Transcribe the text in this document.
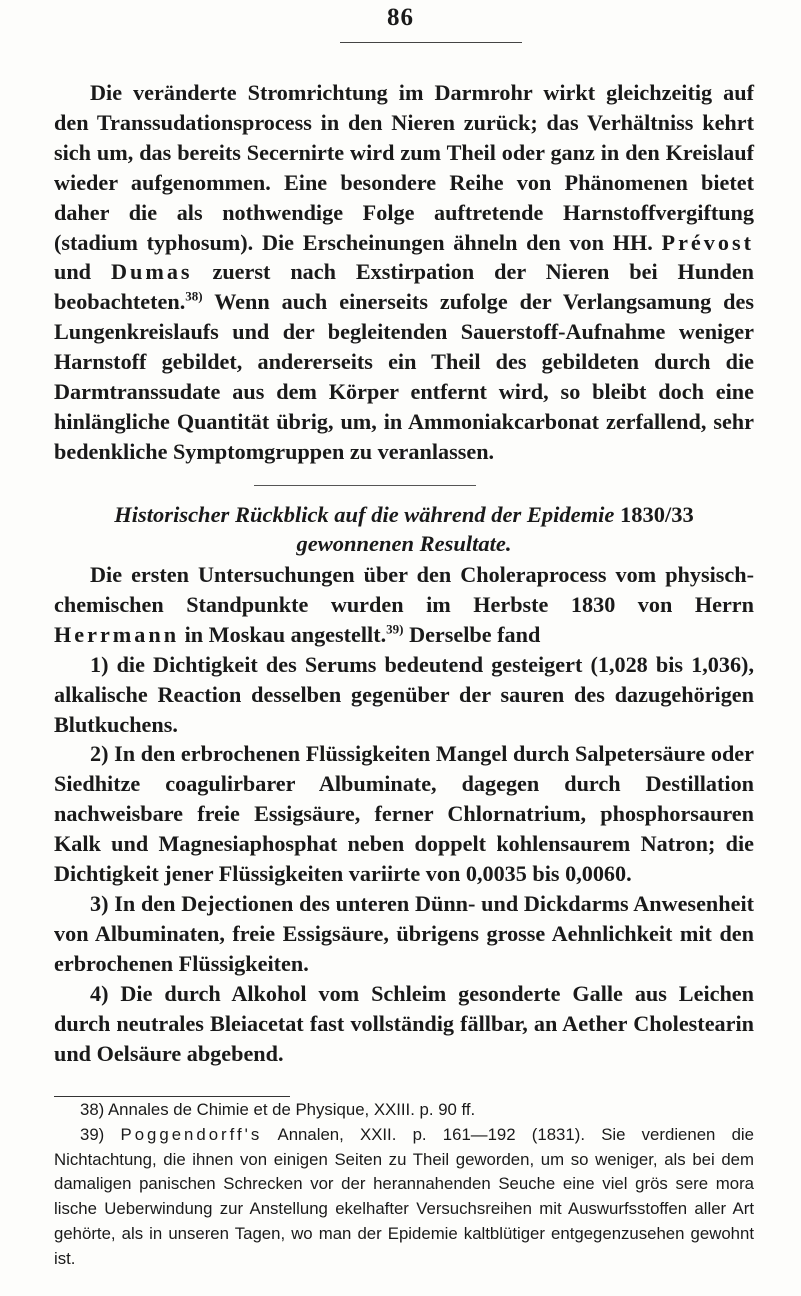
86

Die veränderte Stromrichtung im Darmrohr wirkt gleichzeitig auf den Transsudationsprocess in den Nieren zurück; das Verhältniss kehrt sich um, das bereits Secernirte wird zum Theil oder ganz in den Kreislauf wieder aufgenommen. Eine besondere Reihe von Phänomenen bietet daher die als nothwendige Folge auftretende Harnstoffvergiftung (stadium typhosum). Die Erscheinungen ähneln den von HH. Prévost und Dumas zuerst nach Exstirpation der Nieren bei Hunden beobachteten.$^{38)}$ Wenn auch einerseits zufolge der Verlangsamung des Lungenkreislaufs und der begleitenden Sauerstoff-Aufnahme weniger Harnstoff gebildet, andererseits ein Theil des gebildeten durch die Darmtranssudate aus dem Körper entfernt wird, so bleibt doch eine hinlängliche Quantität übrig, um, in Ammoniakcarbonat zerfallend, sehr bedenkliche Symptomgruppen zu veranlassen.

Historischer Rückblick auf die während der Epidemie 1830/33 gewonnenen Resultate.

Die ersten Untersuchungen über den Choleraprocess vom physisch-chemischen Standpunkte wurden im Herbste 1830 von Herrn Herrmann in Moskau angestellt.$^{39)}$ Derselbe fand

1) die Dichtigkeit des Serums bedeutend gesteigert (1,028 bis 1,036), alkalische Reaction desselben gegenüber der sauren des dazugehörigen Blutkuchens.

2) In den erbrochenen Flüssigkeiten Mangel durch Salpetersäure oder Siedhitze coagulirbarer Albuminate, dagegen durch Destillation nachweisbare freie Essigsäure, ferner Chlornatrium, phosphorsauren Kalk und Magnesiaphosphat neben doppelt kohlensaurem Natron; die Dichtigkeit jener Flüssigkeiten variirte von 0,0035 bis 0,0060.

3) In den Dejectionen des unteren Dünn- und Dickdarms Anwesenheit von Albuminaten, freie Essigsäure, übrigens grosse Aehnlichkeit mit den erbrochenen Flüssigkeiten.

4) Die durch Alkohol vom Schleim gesonderte Galle aus Leichen durch neutrales Bleiacetat fast vollständig fällbar, an Aether Cholestearin und Oelsäure abgebend.

38) Annales de Chimie et de Physique, XXIII. p. 90 ff.

39) Poggendorff's Annalen, XXII. p. 161—192 (1831). Sie verdienen die Nichtachtung, die ihnen von einigen Seiten zu Theil geworden, um so weniger, als bei dem damaligen panischen Schrecken vor der herannahenden Seuche eine viel grös sere mora lische Ueberwindung zur Anstellung ekelhafter Versuchsreihen mit Auswurfsstoffen aller Art gehörte, als in unseren Tagen, wo man der Epidemie kaltblütiger entgegenzusehen gewohnt ist.
